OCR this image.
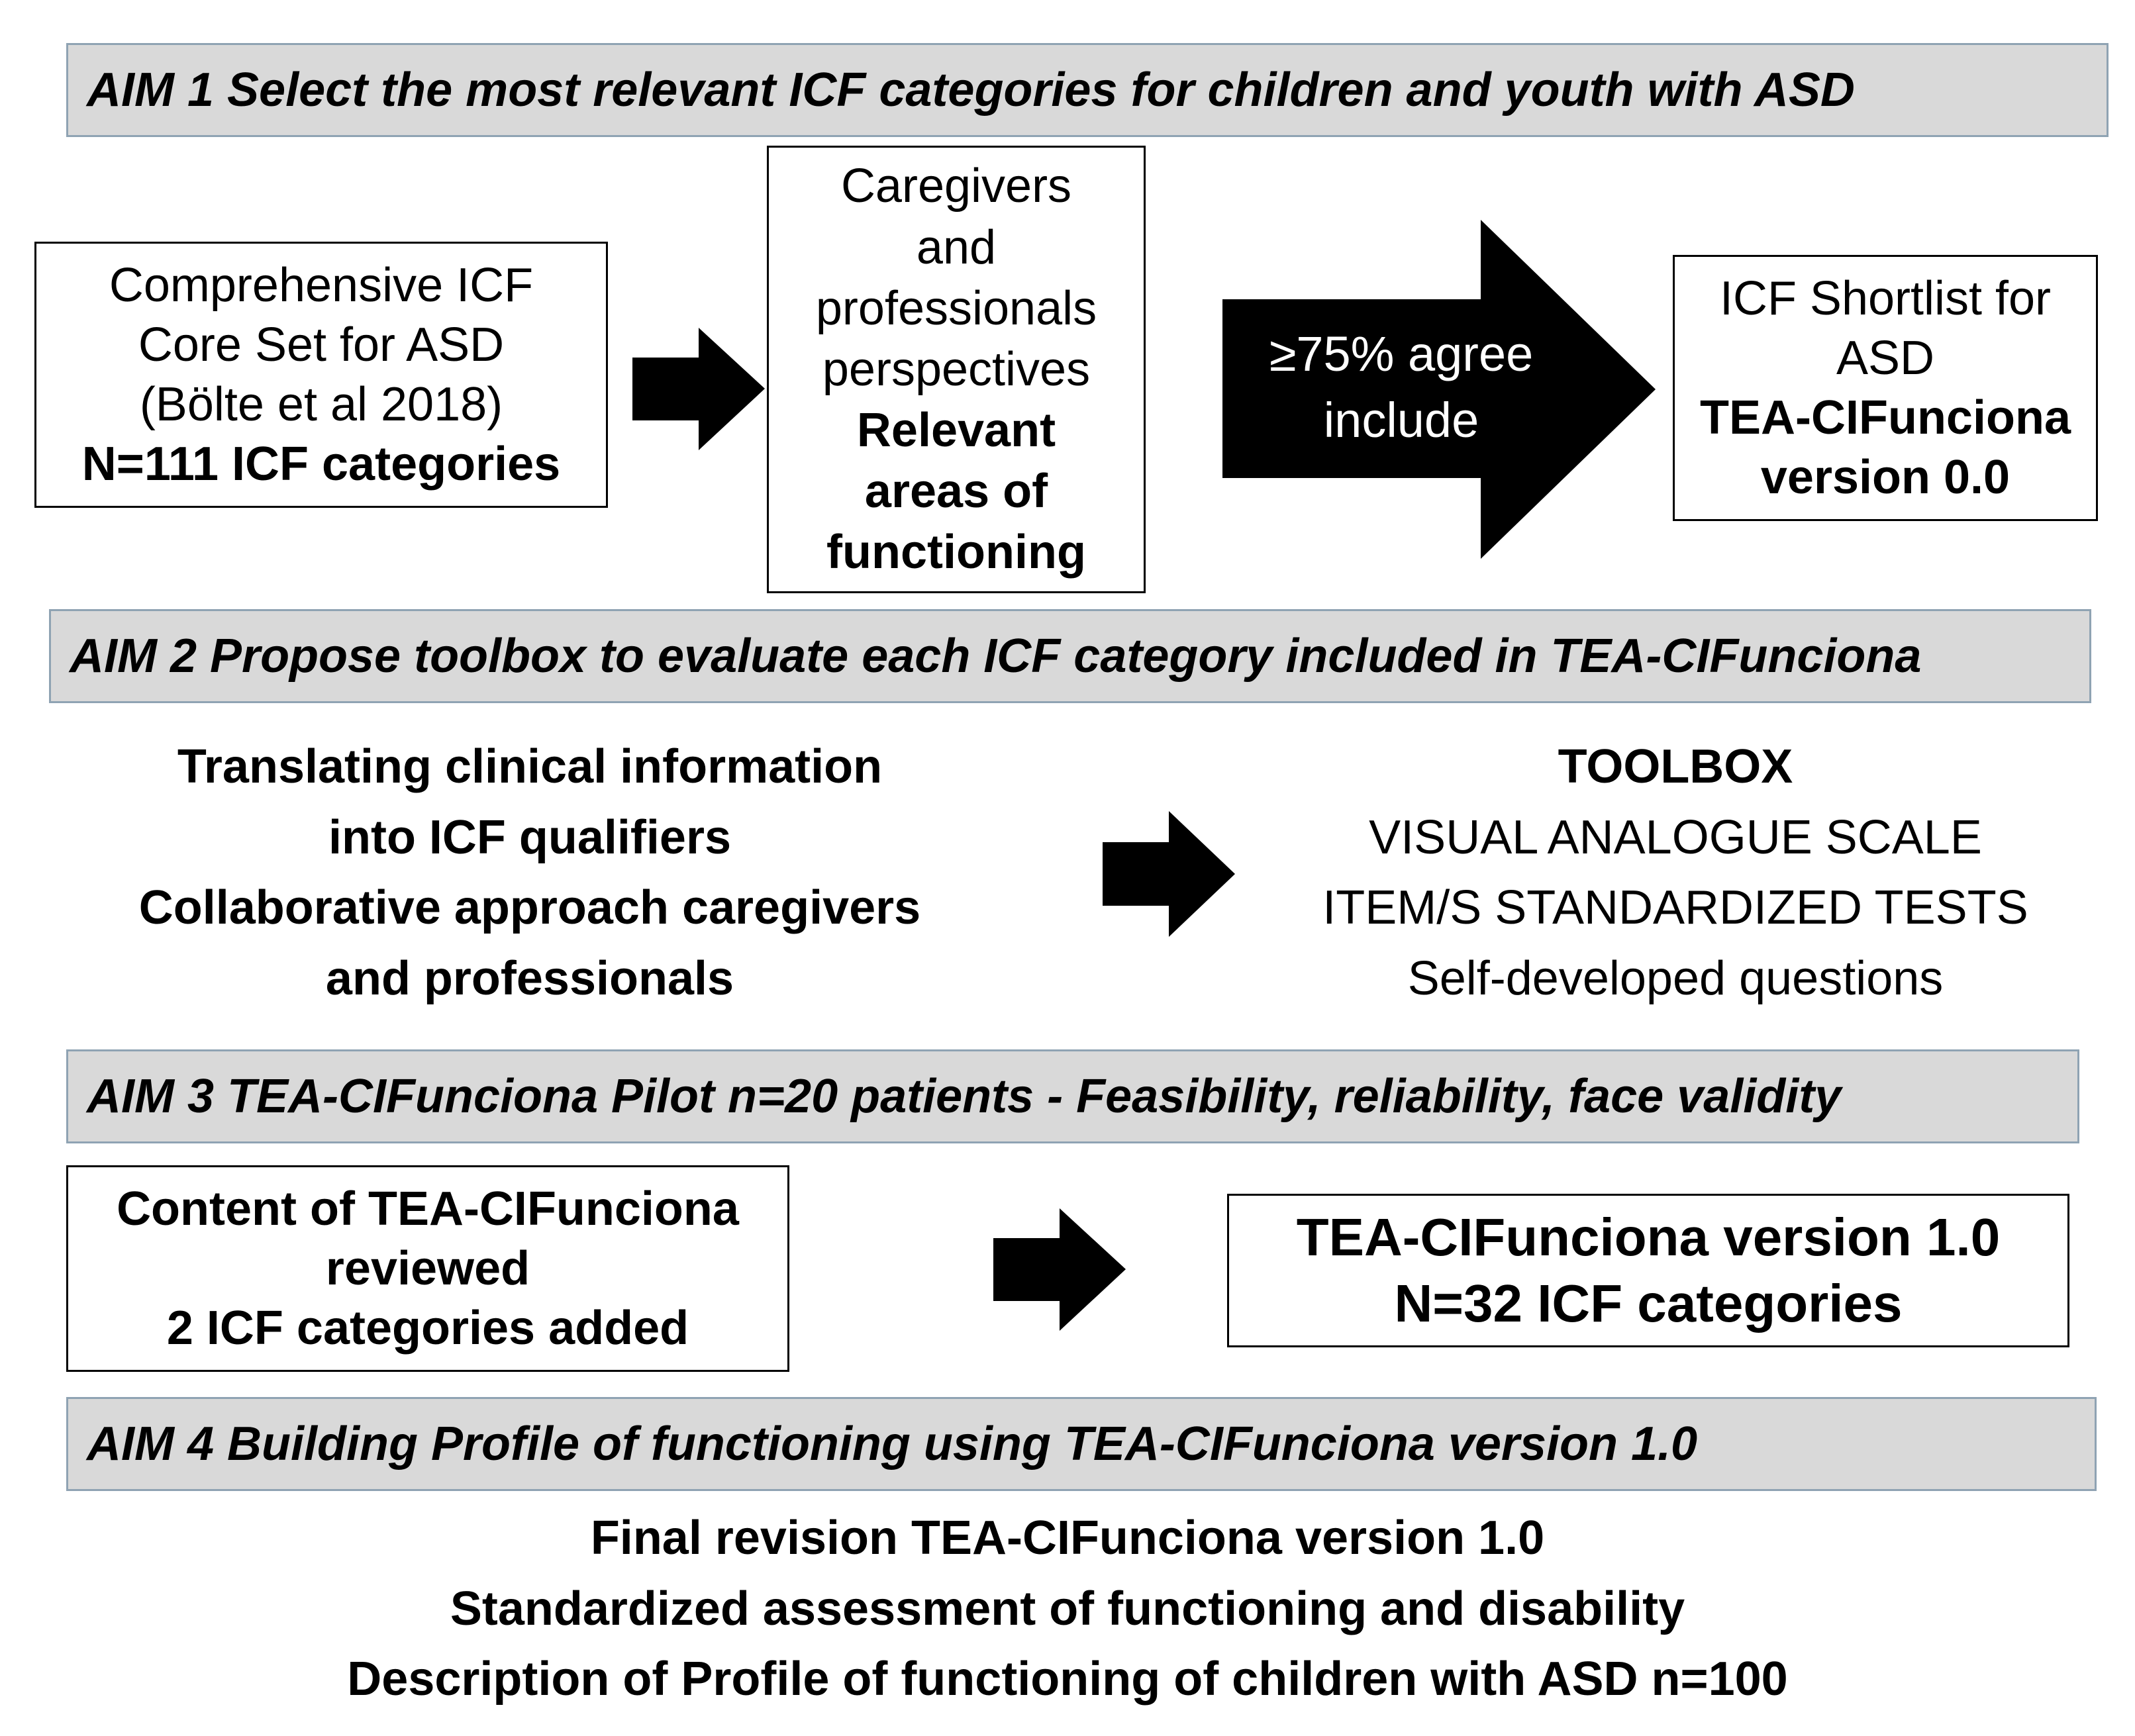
AIM 1 Select the most relevant ICF categories for children and youth with ASD
Comprehensive ICF
Core Set for ASD
(Bölte et al 2018)
N=111 ICF categories
Caregivers
and
professionals
perspectives
Relevant
areas of
functioning
≥75% agree
include
ICF Shortlist for
ASD
TEA-CIFunciona
version 0.0
AIM 2 Propose toolbox to evaluate each ICF category included in TEA-CIFunciona
Translating clinical information
into ICF qualifiers
Collaborative approach caregivers
and professionals
TOOLBOX
VISUAL ANALOGUE SCALE
ITEM/S STANDARDIZED TESTS
Self-developed questions
AIM 3 TEA-CIFunciona Pilot n=20 patients - Feasibility, reliability, face validity
Content of TEA-CIFunciona
reviewed
2 ICF categories added
TEA-CIFunciona version 1.0
N=32 ICF categories
AIM 4 Building Profile of functioning using TEA-CIFunciona version 1.0
Final revision TEA-CIFunciona version 1.0
Standardized assessment of functioning and disability
Description of Profile of functioning of children with ASD n=100
